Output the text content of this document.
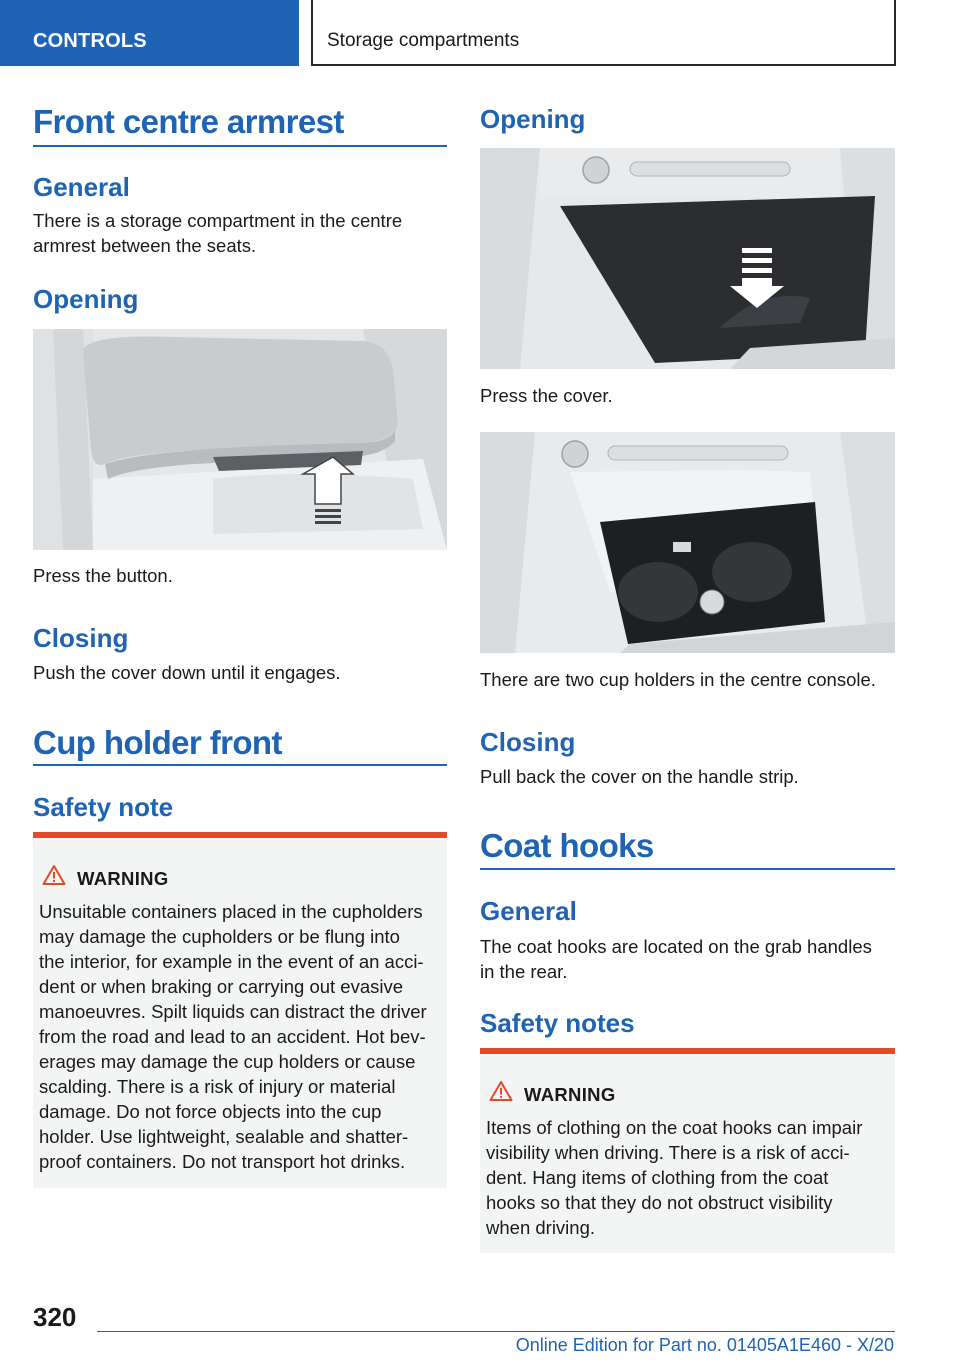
CONTROLS	Storage compartments
Front centre armrest
General
There is a storage compartment in the centre
armrest between the seats.
Opening
Press the button.
Closing
Push the cover down until it engages.
Cup holder front
Safety note
WARNING
Unsuitable containers placed in the cupholders
may damage the cupholders or be flung into
the interior, for example in the event of an acci-
dent or when braking or carrying out evasive
manoeuvres. Spilt liquids can distract the driver
from the road and lead to an accident. Hot bev-
erages may damage the cup holders or cause
scalding. There is a risk of injury or material
damage. Do not force objects into the cup
holder. Use lightweight, sealable and shatter-
proof containers. Do not transport hot drinks.
Opening
Press the cover.
There are two cup holders in the centre console.
Closing
Pull back the cover on the handle strip.
Coat hooks
General
The coat hooks are located on the grab handles
in the rear.
Safety notes
WARNING
Items of clothing on the coat hooks can impair
visibility when driving. There is a risk of acci-
dent. Hang items of clothing from the coat
hooks so that they do not obstruct visibility
when driving.
320
Online Edition for Part no. 01405A1E460 - X/20
